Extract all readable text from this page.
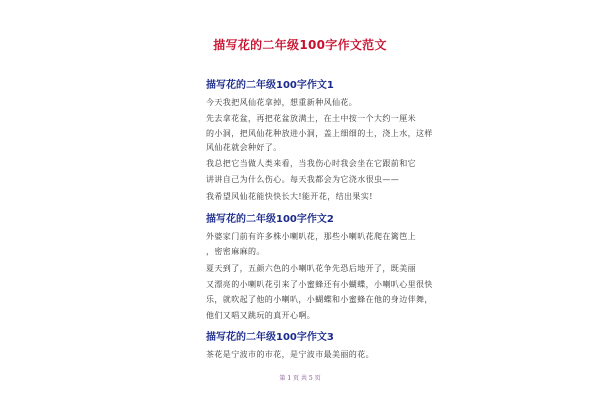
描写花的二年级100字作文范文
描写花的二年级100字作文1
今天我把风仙花拿掉，想重新种风仙花。
先去拿花盆，再把花盆放满土，在土中按一个大约一厘米
的小洞，把风仙花种放进小洞，盖上细细的土，浇上水，这样
风仙花就会种好了。
我总把它当做人类来看，当我伤心时我会坐在它跟前和它
讲讲自己为什么伤心。每天我都会为它浇水很虫——
我希望风仙花能快快长大!能开花，结出果实!
描写花的二年级100字作文2
外婆家门前有许多株小喇叭花，那些小喇叭花爬在篱笆上
，密密麻麻的。
夏天到了，五颜六色的小喇叭花争先恐后地开了，既美丽
又漂亮的小喇叭花引来了小蜜蜂还有小蝴蝶，小喇叭心里很快
乐，就吹起了他的小喇叭，小蝴蝶和小蜜蜂在他的身边伴舞，
他们又唱又跳玩的真开心啊。
描写花的二年级100字作文3
茶花是宁波市的市花，是宁波市最美丽的花。
第 1 页 共 5 页
